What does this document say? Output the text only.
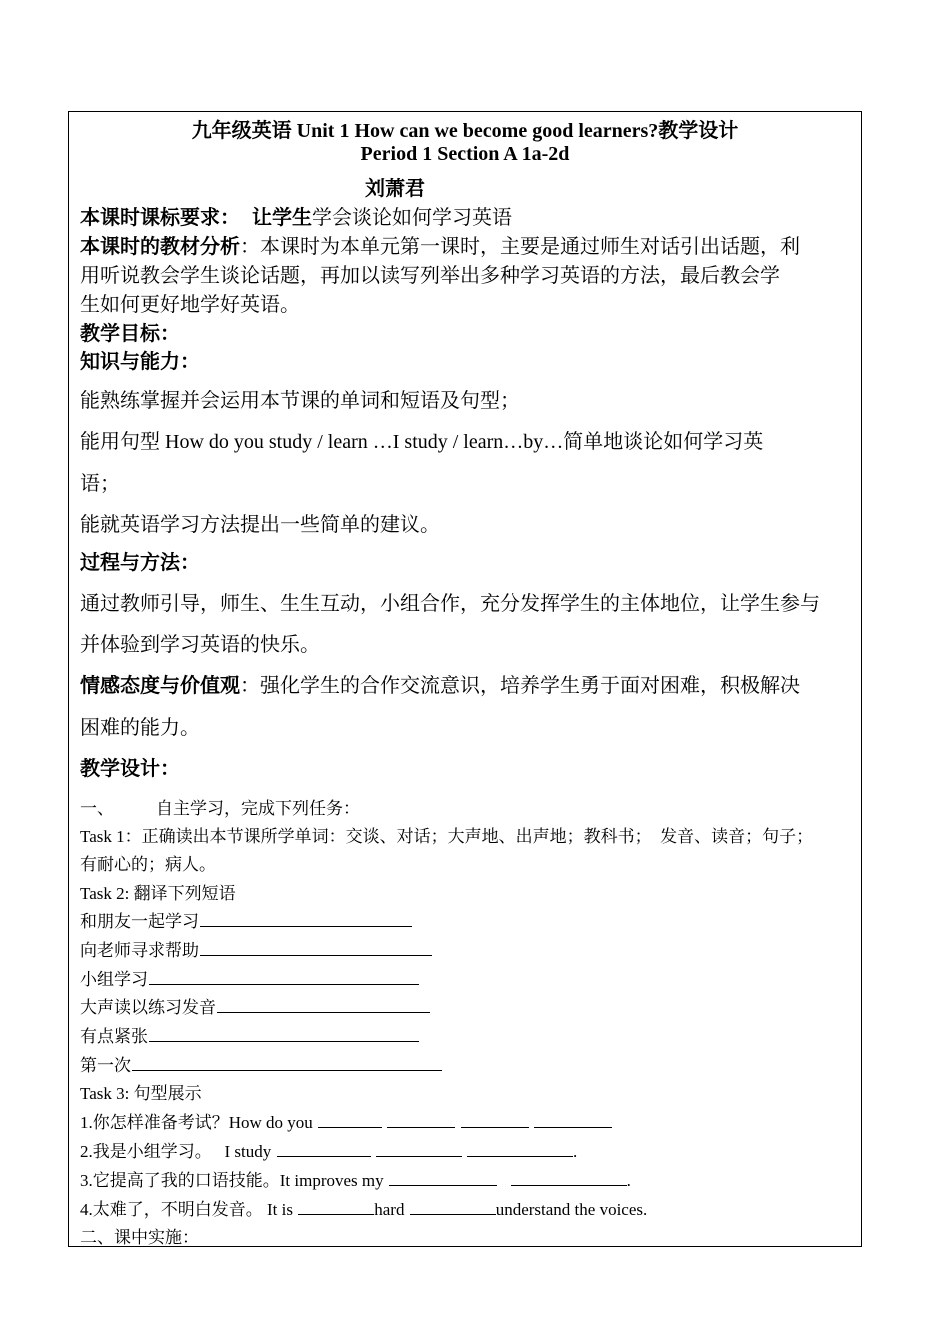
九年级英语 Unit 1 How can we become good learners?教学设计
Period 1 Section A 1a-2d
刘萧君
本课时课标要求： 让学生学会谈论如何学习英语
本课时的教材分析：本课时为本单元第一课时，主要是通过师生对话引出话题，利
用听说教会学生谈论话题，再加以读写列举出多种学习英语的方法，最后教会学
生如何更好地学好英语。
教学目标：
知识与能力：
能熟练掌握并会运用本节课的单词和短语及句型；
能用句型 How do you study / learn …I study / learn…by…简单地谈论如何学习英
语；
能就英语学习方法提出一些简单的建议。
过程与方法：
通过教师引导，师生、生生互动，小组合作，充分发挥学生的主体地位，让学生参与
并体验到学习英语的快乐。
情感态度与价值观：强化学生的合作交流意识，培养学生勇于面对困难，积极解决
困难的能力。
教学设计：
一、 自主学习，完成下列任务：
Task 1：正确读出本节课所学单词：交谈、对话；大声地、出声地；教科书；　发音、读音；句子；
有耐心的；病人。
Task 2: 翻译下列短语
和朋友一起学习
向老师寻求帮助
小组学习
大声读以练习发音
有点紧张
第一次
Task 3: 句型展示
1.你怎样准备考试？How do you
2.我是小组学习。　 I study	.
3.它提高了我的口语技能。It improves my	.
4.太难了，不明白发音。 It is	hard	understand the voices.
二、课中实施：
